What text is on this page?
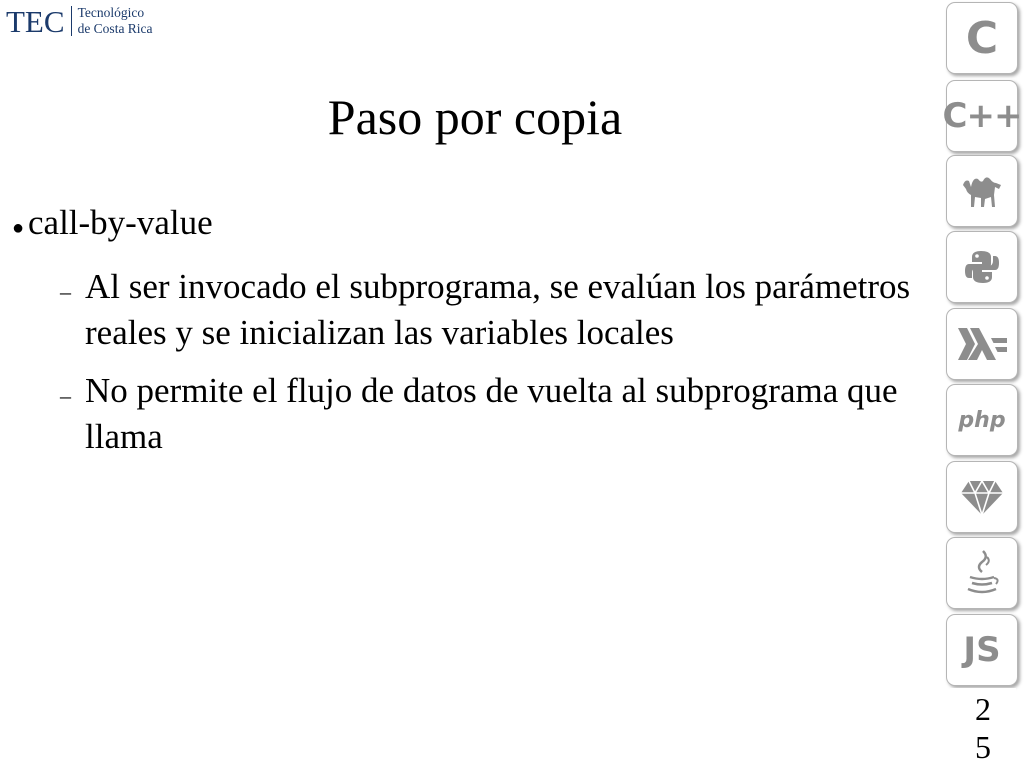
TEC Tecnológico
de Costa Rica
Paso por copia
● call-by-value
– Al ser invocado el subprograma, se evalúan los parámetros reales y se inicializan las variables locales
– No permite el flujo de datos de vuelta al subprograma que llama
C
C++
php
JS
2
5
